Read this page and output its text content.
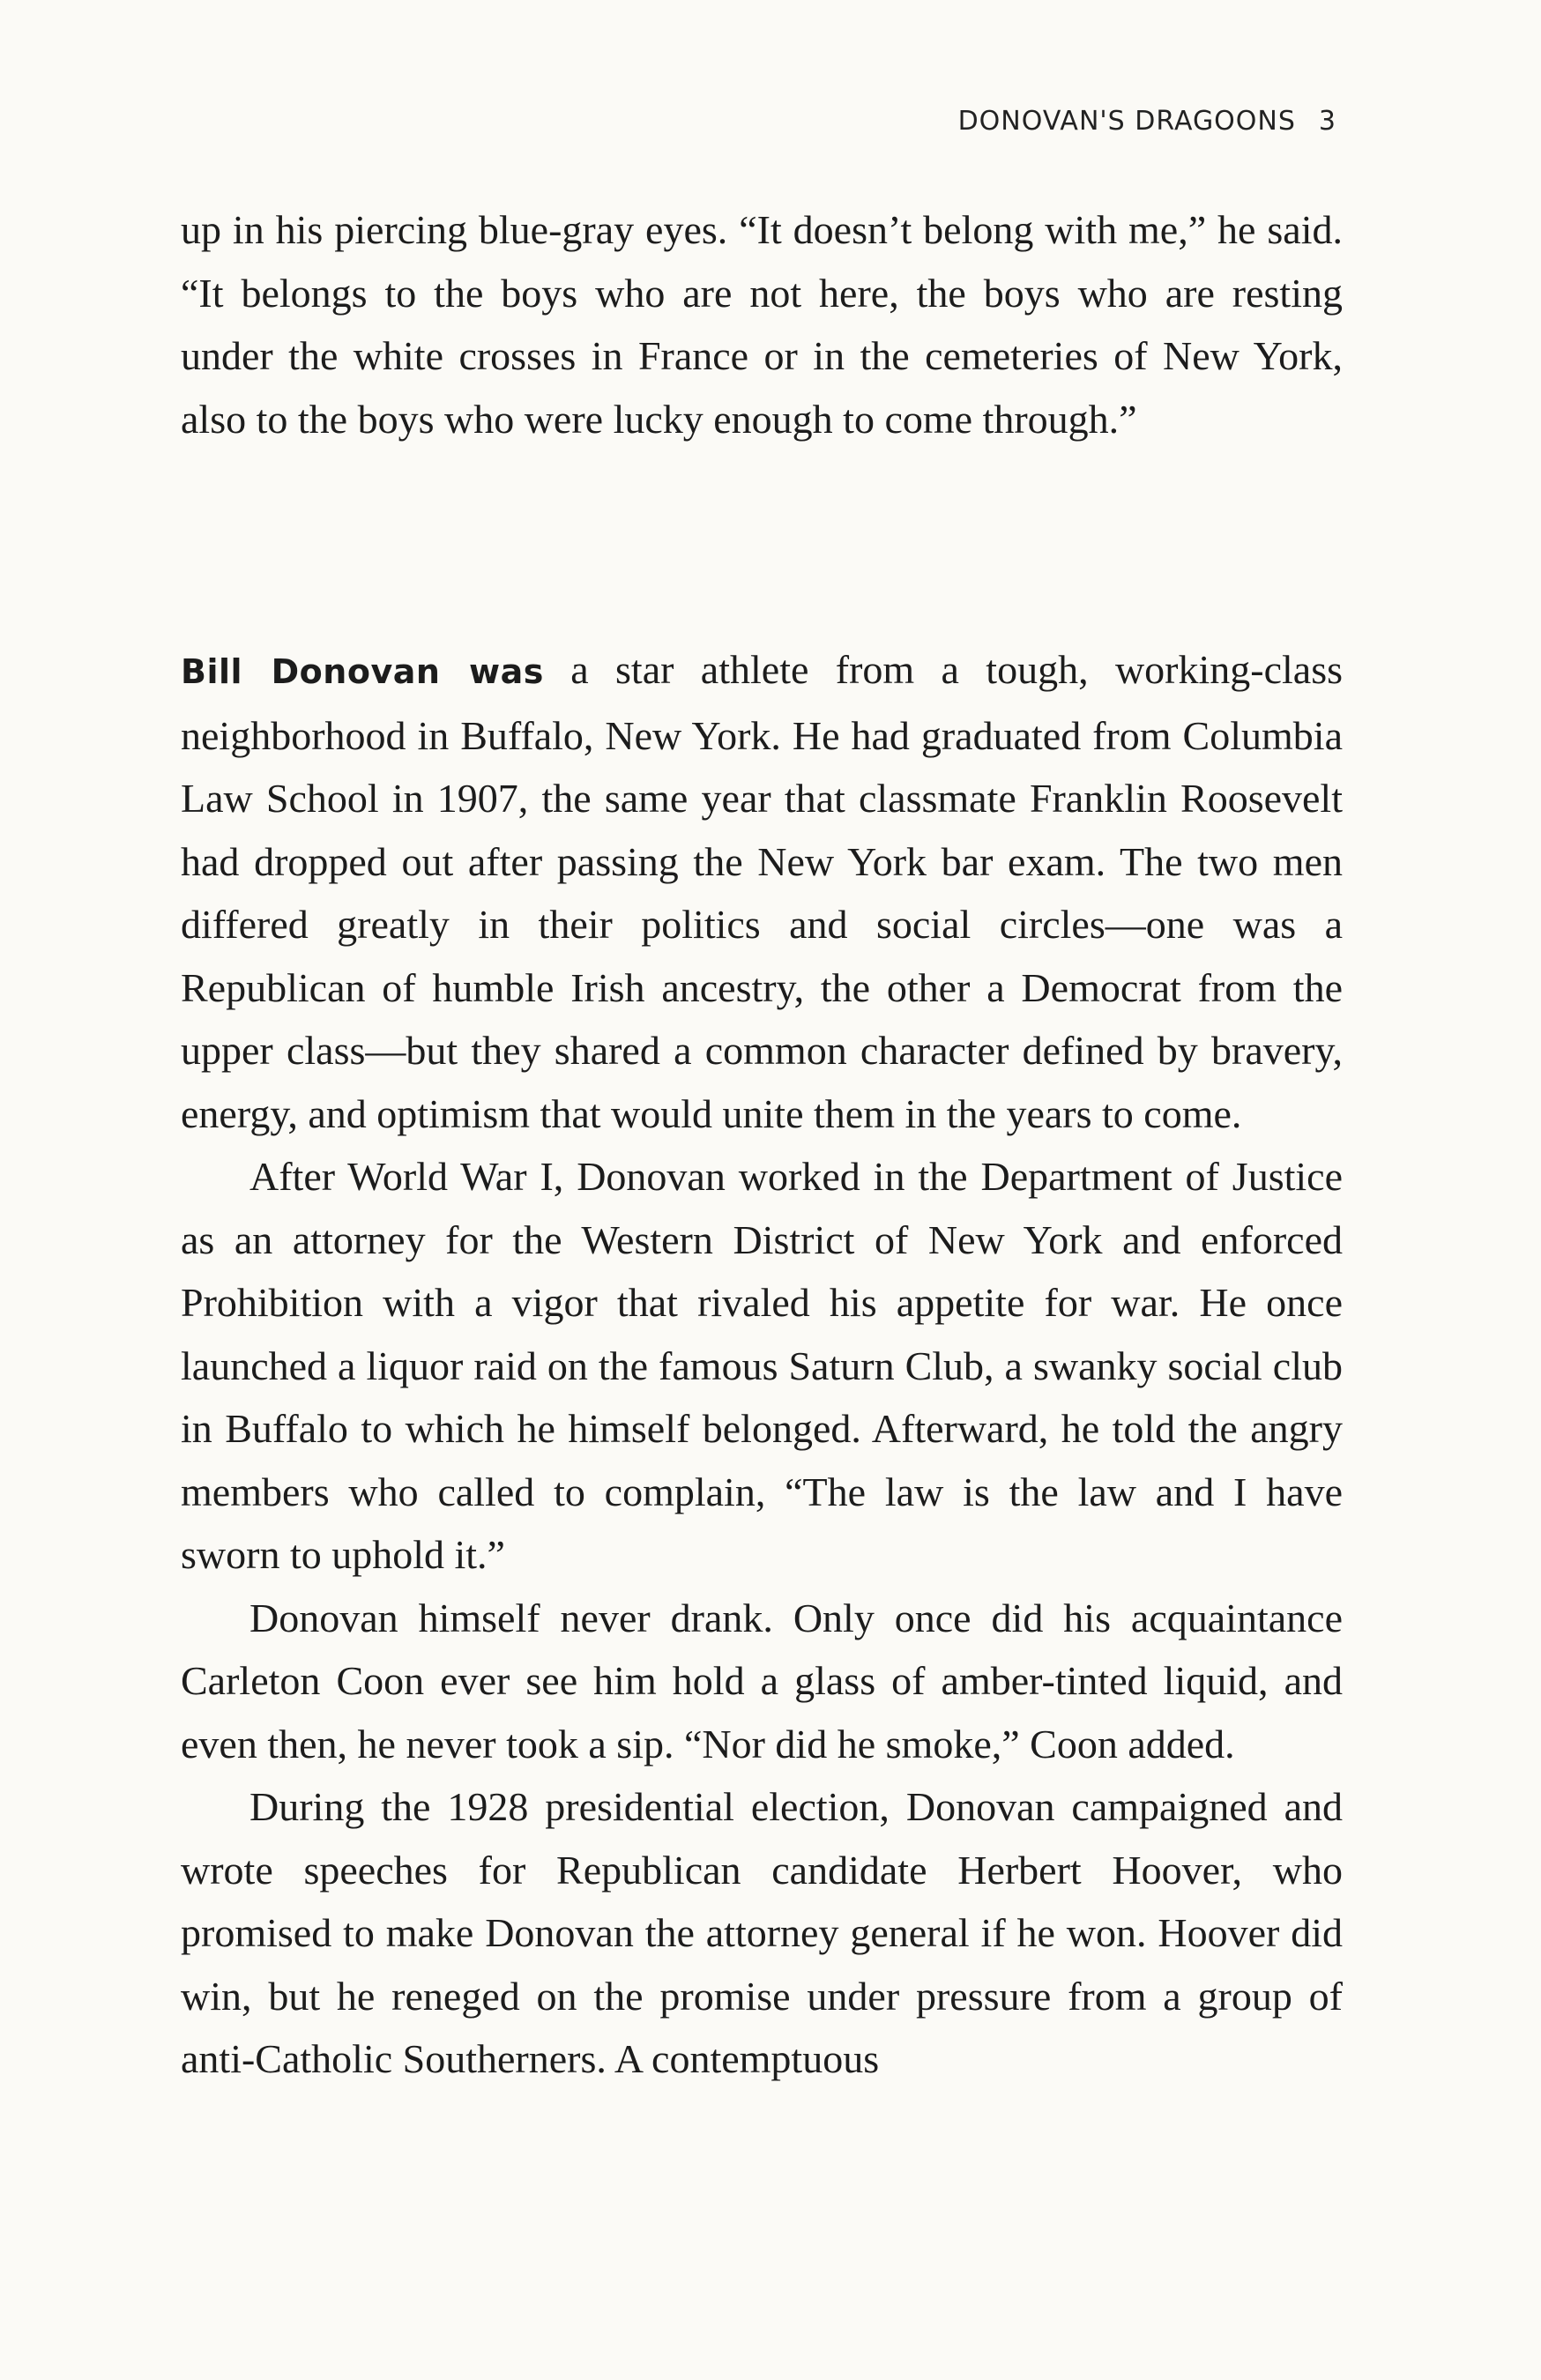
DONOVAN'S DRAGOONS 3

up in his piercing blue-gray eyes. “It doesn’t belong with me,” he said. “It belongs to the boys who are not here, the boys who are resting under the white crosses in France or in the cemeteries of New York, also to the boys who were lucky enough to come through.”

Bill Donovan was a star athlete from a tough, working-class neighborhood in Buffalo, New York. He had graduated from Columbia Law School in 1907, the same year that classmate Franklin Roosevelt had dropped out after passing the New York bar exam. The two men differed greatly in their politics and social circles—one was a Republican of humble Irish ancestry, the other a Democrat from the upper class—but they shared a common character defined by bravery, energy, and optimism that would unite them in the years to come.

After World War I, Donovan worked in the Department of Justice as an attorney for the Western District of New York and enforced Prohibition with a vigor that rivaled his appetite for war. He once launched a liquor raid on the famous Saturn Club, a swanky social club in Buffalo to which he himself belonged. Afterward, he told the angry members who called to complain, “The law is the law and I have sworn to uphold it.”

Donovan himself never drank. Only once did his acquaintance Carleton Coon ever see him hold a glass of amber-tinted liquid, and even then, he never took a sip. “Nor did he smoke,” Coon added.

During the 1928 presidential election, Donovan campaigned and wrote speeches for Republican candidate Herbert Hoover, who promised to make Donovan the attorney general if he won. Hoover did win, but he reneged on the promise under pressure from a group of anti-Catholic Southerners. A contemptuous
